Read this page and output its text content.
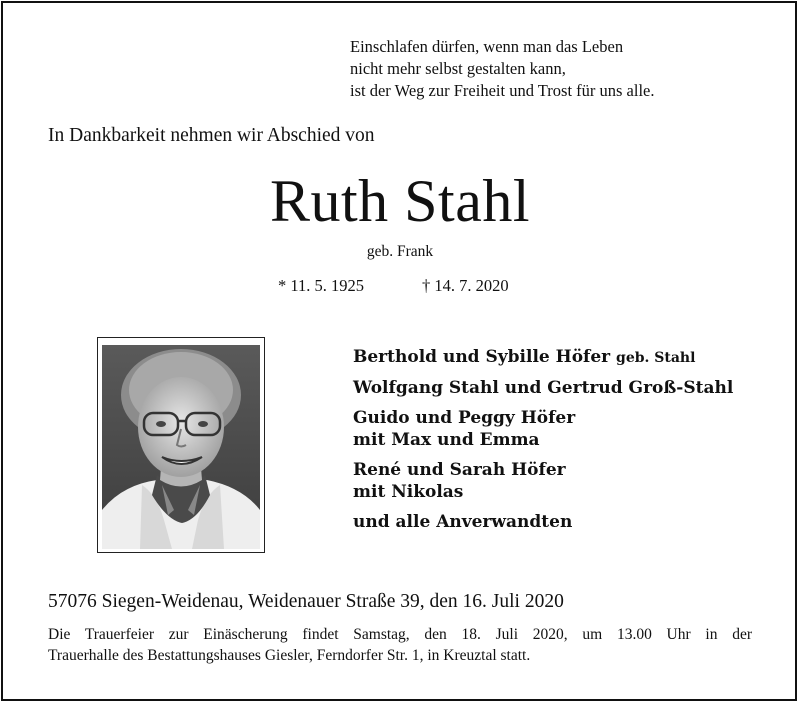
Einschlafen dürfen, wenn man das Leben
nicht mehr selbst gestalten kann,
ist der Weg zur Freiheit und Trost für uns alle.
In Dankbarkeit nehmen wir Abschied von
Ruth Stahl
geb. Frank
* 11. 5. 1925	† 14. 7. 2020
Berthold und Sybille Höfer geb. Stahl
Wolfgang Stahl und Gertrud Groß-Stahl
Guido und Peggy Höfer
mit Max und Emma
René und Sarah Höfer
mit Nikolas
und alle Anverwandten
57076 Siegen-Weidenau, Weidenauer Straße 39, den 16. Juli 2020
Die Trauerfeier zur Einäscherung findet Samstag, den 18. Juli 2020, um 13.00 Uhr in der
Trauerhalle des Bestattungshauses Giesler, Ferndorfer Str. 1, in Kreuztal statt.
